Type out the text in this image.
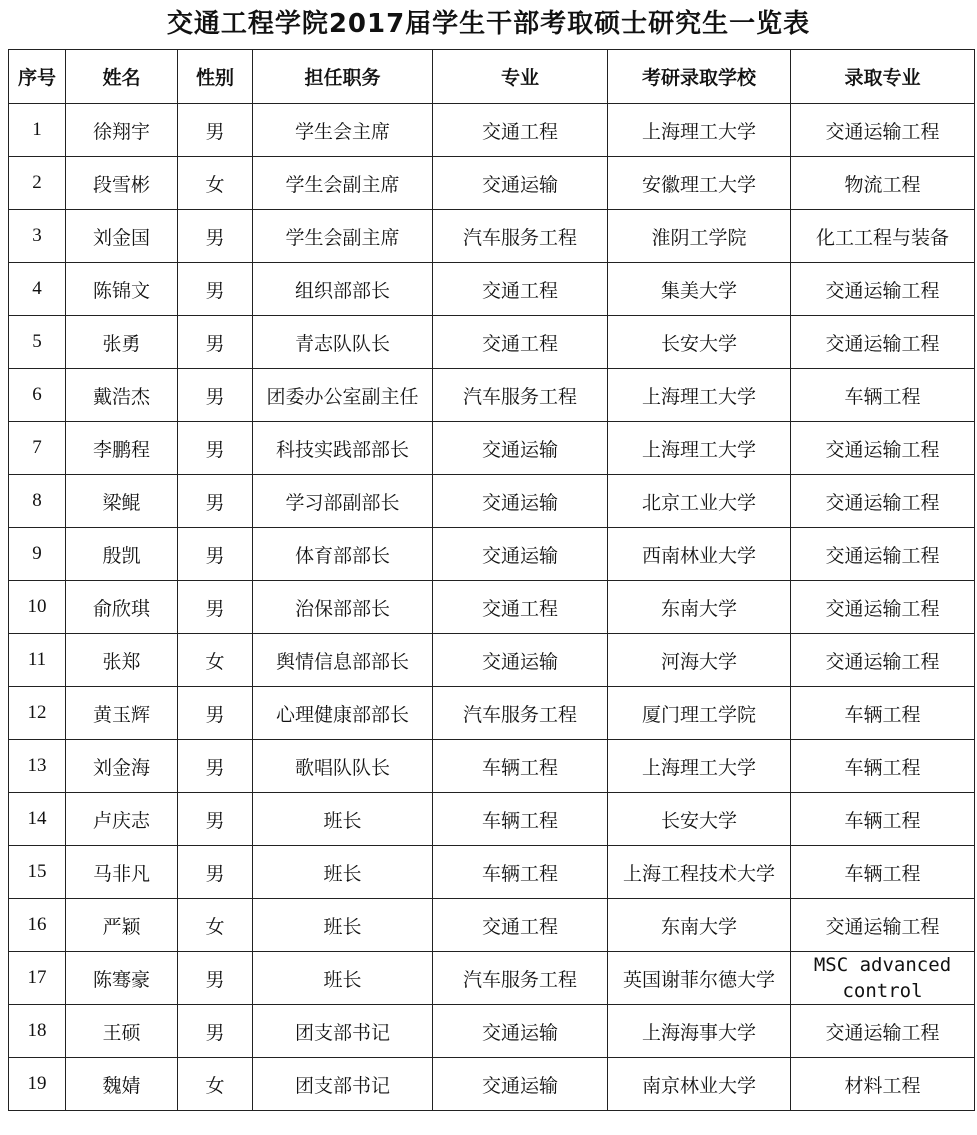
交通工程学院2017届学生干部考取硕士研究生一览表
序号	姓名	性别	担任职务	专业	考研录取学校	录取专业
1	徐翔宇	男	学生会主席	交通工程	上海理工大学	交通运输工程
2	段雪彬	女	学生会副主席	交通运输	安徽理工大学	物流工程
3	刘金国	男	学生会副主席	汽车服务工程	淮阴工学院	化工工程与装备
4	陈锦文	男	组织部部长	交通工程	集美大学	交通运输工程
5	张勇	男	青志队队长	交通工程	长安大学	交通运输工程
6	戴浩杰	男	团委办公室副主任	汽车服务工程	上海理工大学	车辆工程
7	李鹏程	男	科技实践部部长	交通运输	上海理工大学	交通运输工程
8	梁鲲	男	学习部副部长	交通运输	北京工业大学	交通运输工程
9	殷凯	男	体育部部长	交通运输	西南林业大学	交通运输工程
10	俞欣琪	男	治保部部长	交通工程	东南大学	交通运输工程
11	张郑	女	舆情信息部部长	交通运输	河海大学	交通运输工程
12	黄玉辉	男	心理健康部部长	汽车服务工程	厦门理工学院	车辆工程
13	刘金海	男	歌唱队队长	车辆工程	上海理工大学	车辆工程
14	卢庆志	男	班长	车辆工程	长安大学	车辆工程
15	马非凡	男	班长	车辆工程	上海工程技术大学	车辆工程
16	严颖	女	班长	交通工程	东南大学	交通运输工程
17	陈骞豪	男	班长	汽车服务工程	英国谢菲尔德大学	MSC advanced
control

18	王硕	男	团支部书记	交通运输	上海海事大学	交通运输工程
19	魏婧	女	团支部书记	交通运输	南京林业大学	材料工程
